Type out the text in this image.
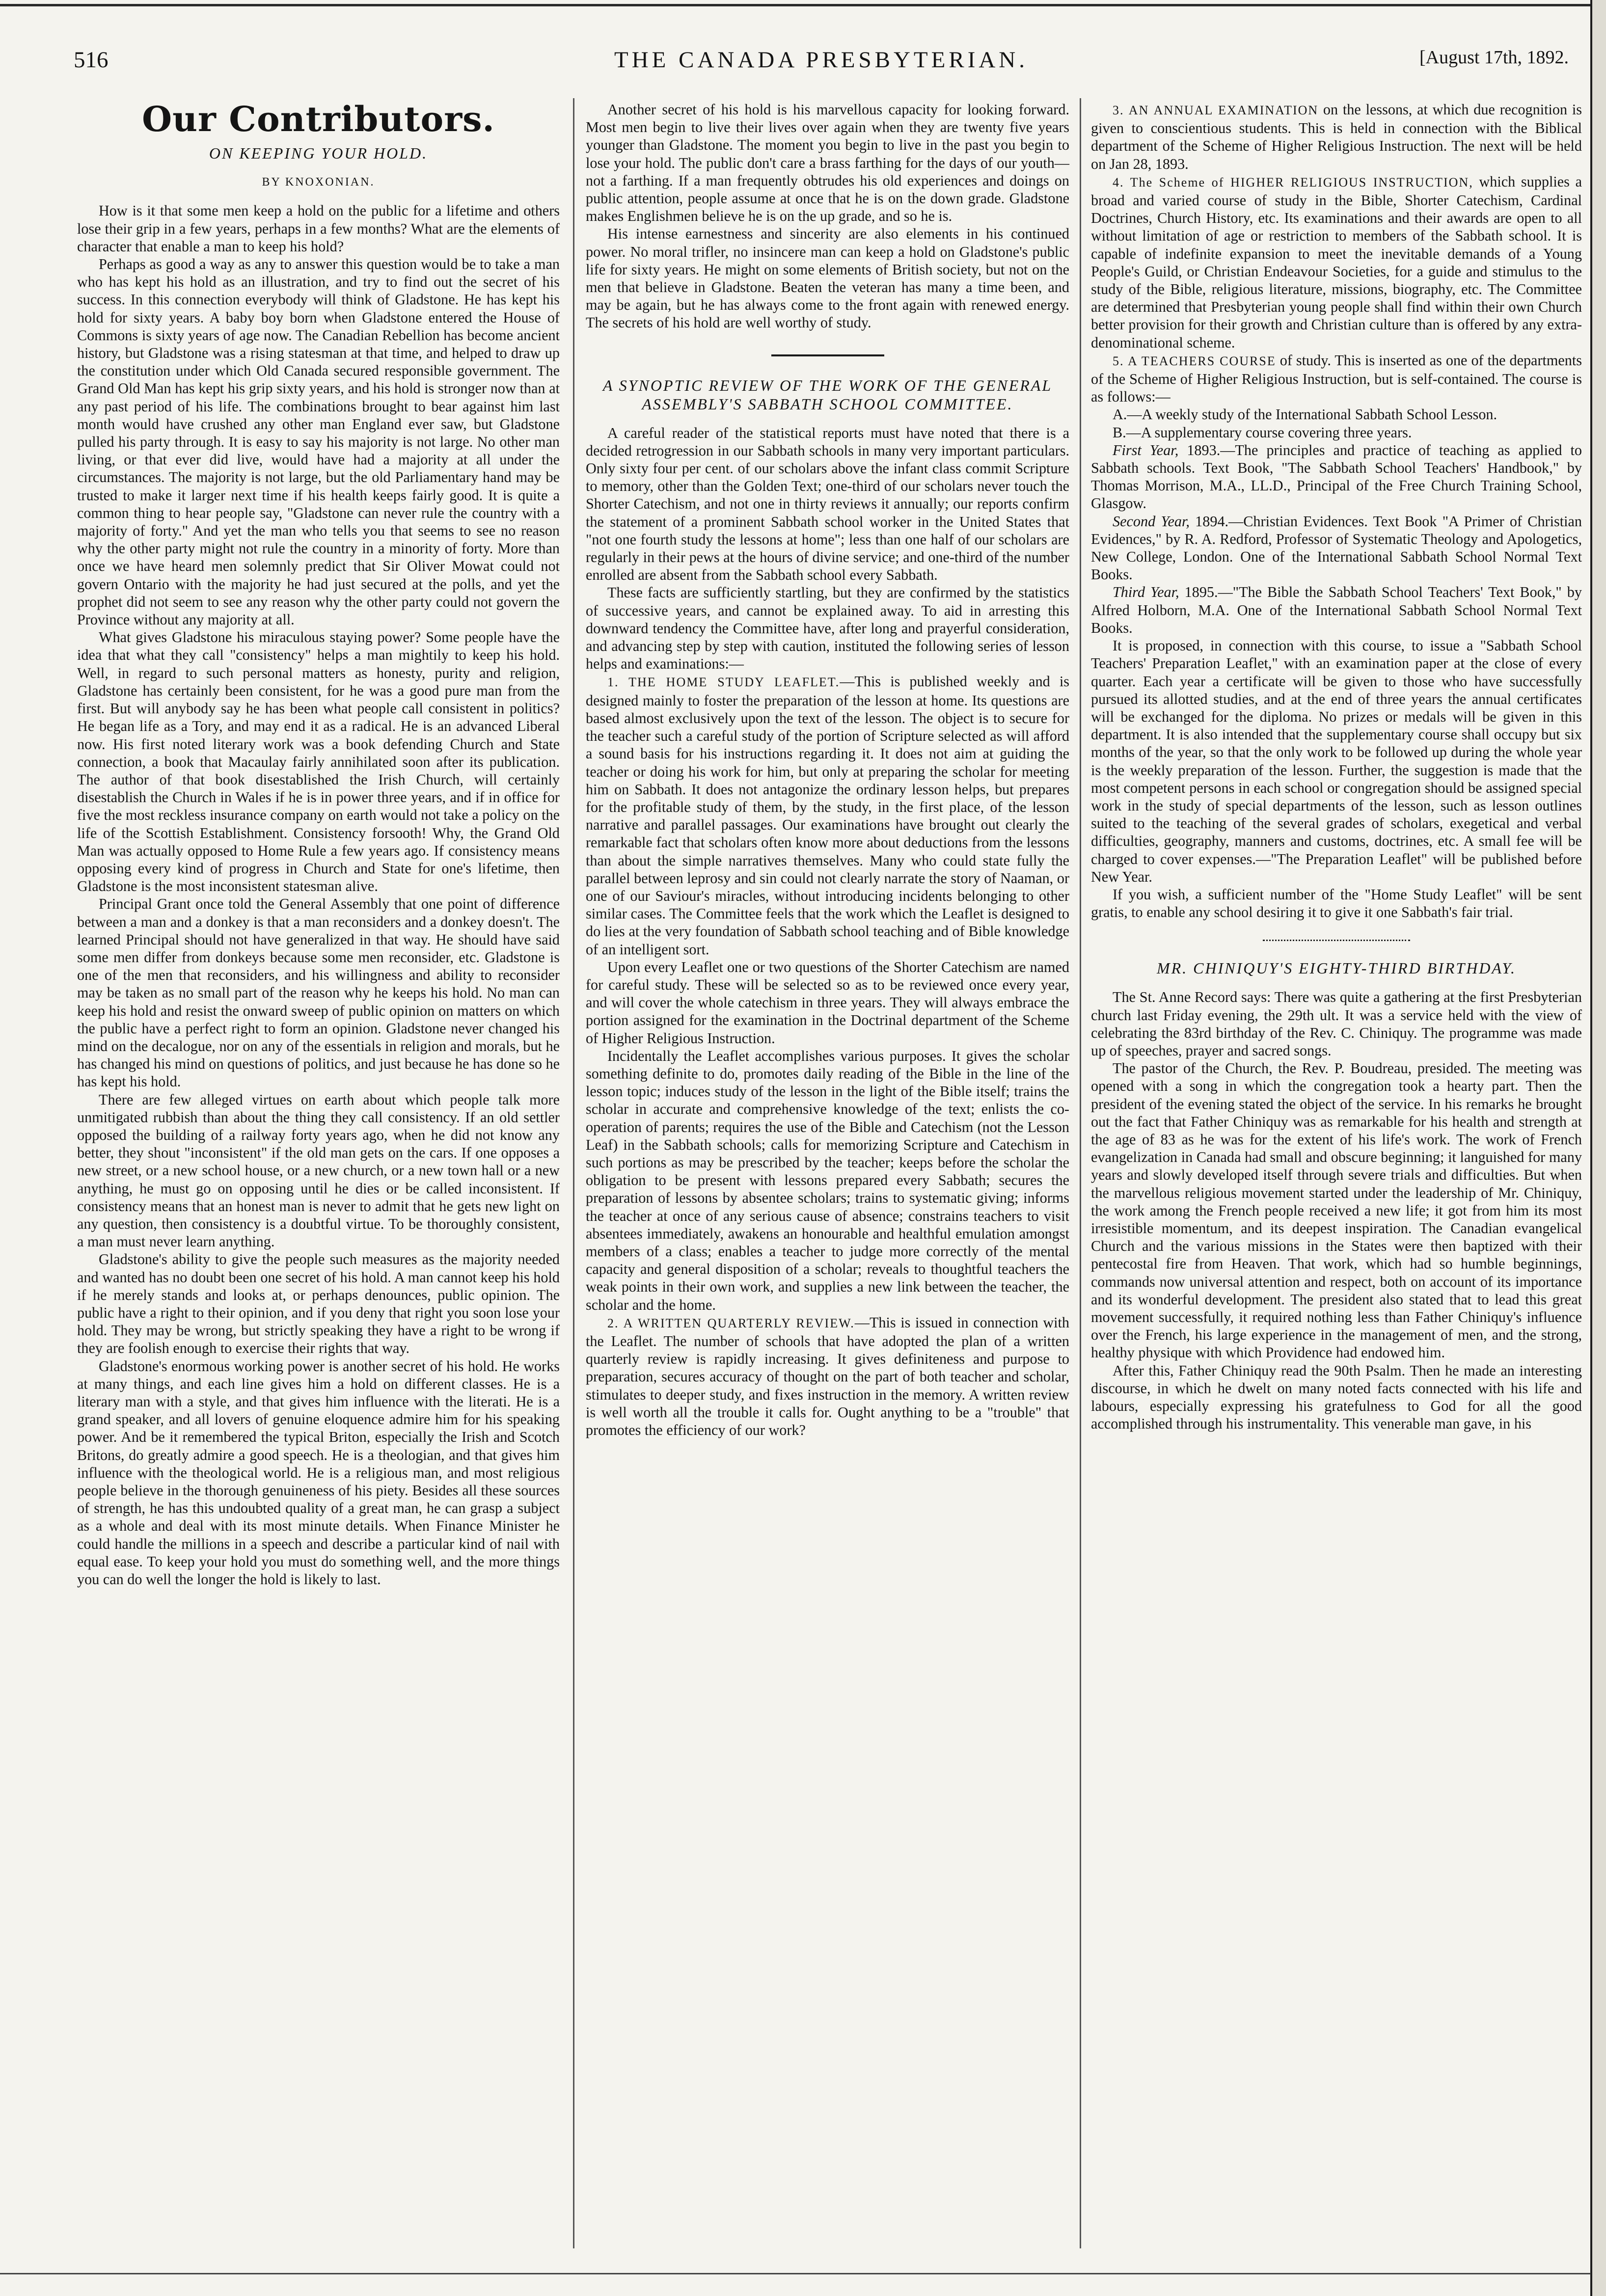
516	THE CANADA PRESBYTERIAN.	[August 17th, 1892.
Our Contributors.
ON KEEPING YOUR HOLD.
BY KNOXONIAN.

How is it that some men keep a hold on the public for a lifetime and others lose their grip in a few years, perhaps in a few months? What are the elements of character that enable a man to keep his hold?

Perhaps as good a way as any to answer this question would be to take a man who has kept his hold as an illustration, and try to find out the secret of his success. In this connection everybody will think of Gladstone. He has kept his hold for sixty years. A baby boy born when Gladstone entered the House of Commons is sixty years of age now. The Canadian Rebellion has become ancient history, but Gladstone was a rising statesman at that time, and helped to draw up the constitution under which Old Canada secured responsible government. The Grand Old Man has kept his grip sixty years, and his hold is stronger now than at any past period of his life. The combinations brought to bear against him last month would have crushed any other man England ever saw, but Gladstone pulled his party through. It is easy to say his majority is not large. No other man living, or that ever did live, would have had a majority at all under the circumstances. The majority is not large, but the old Parliamentary hand may be trusted to make it larger next time if his health keeps fairly good. It is quite a common thing to hear people say, "Gladstone can never rule the country with a majority of forty." And yet the man who tells you that seems to see no reason why the other party might not rule the country in a minority of forty. More than once we have heard men solemnly predict that Sir Oliver Mowat could not govern Ontario with the majority he had just secured at the polls, and yet the prophet did not seem to see any reason why the other party could not govern the Province without any majority at all.

What gives Gladstone his miraculous staying power? Some people have the idea that what they call "consistency" helps a man mightily to keep his hold. Well, in regard to such personal matters as honesty, purity and religion, Gladstone has certainly been consistent, for he was a good pure man from the first. But will anybody say he has been what people call consistent in politics? He began life as a Tory, and may end it as a radical. He is an advanced Liberal now. His first noted literary work was a book defending Church and State connection, a book that Macaulay fairly annihilated soon after its publication. The author of that book disestablished the Irish Church, will certainly disestablish the Church in Wales if he is in power three years, and if in office for five the most reckless insurance company on earth would not take a policy on the life of the Scottish Establishment. Consistency forsooth! Why, the Grand Old Man was actually opposed to Home Rule a few years ago. If consistency means opposing every kind of progress in Church and State for one's lifetime, then Gladstone is the most inconsistent statesman alive.

Principal Grant once told the General Assembly that one point of difference between a man and a donkey is that a man reconsiders and a donkey doesn't. The learned Principal should not have generalized in that way. He should have said some men differ from donkeys because some men reconsider, etc. Gladstone is one of the men that reconsiders, and his willingness and ability to reconsider may be taken as no small part of the reason why he keeps his hold. No man can keep his hold and resist the onward sweep of public opinion on matters on which the public have a perfect right to form an opinion. Gladstone never changed his mind on the decalogue, nor on any of the essentials in religion and morals, but he has changed his mind on questions of politics, and just because he has done so he has kept his hold.

There are few alleged virtues on earth about which people talk more unmitigated rubbish than about the thing they call consistency. If an old settler opposed the building of a railway forty years ago, when he did not know any better, they shout "inconsistent" if the old man gets on the cars. If one opposes a new street, or a new school house, or a new church, or a new town hall or a new anything, he must go on opposing until he dies or be called inconsistent. If consistency means that an honest man is never to admit that he gets new light on any question, then consistency is a doubtful virtue. To be thoroughly consistent, a man must never learn anything.

Gladstone's ability to give the people such measures as the majority needed and wanted has no doubt been one secret of his hold. A man cannot keep his hold if he merely stands and looks at, or perhaps denounces, public opinion. The public have a right to their opinion, and if you deny that right you soon lose your hold. They may be wrong, but strictly speaking they have a right to be wrong if they are foolish enough to exercise their rights that way.

Gladstone's enormous working power is another secret of his hold. He works at many things, and each line gives him a hold on different classes. He is a literary man with a style, and that gives him influence with the literati. He is a grand speaker, and all lovers of genuine eloquence admire him for his speaking power. And be it remembered the typical Briton, especially the Irish and Scotch Britons, do greatly admire a good speech. He is a theologian, and that gives him influence with the theological world. He is a religious man, and most religious people believe in the thorough genuineness of his piety. Besides all these sources of strength, he has this undoubted quality of a great man, he can grasp a subject as a whole and deal with its most minute details. When Finance Minister he could handle the millions in a speech and describe a particular kind of nail with equal ease. To keep your hold you must do something well, and the more things you can do well the longer the hold is likely to last.

Another secret of his hold is his marvellous capacity for looking forward. Most men begin to live their lives over again when they are twenty five years younger than Gladstone. The moment you begin to live in the past you begin to lose your hold. The public don't care a brass farthing for the days of our youth—not a farthing. If a man frequently obtrudes his old experiences and doings on public attention, people assume at once that he is on the down grade. Gladstone makes Englishmen believe he is on the up grade, and so he is.

His intense earnestness and sincerity are also elements in his continued power. No moral trifler, no insincere man can keep a hold on Gladstone's public life for sixty years. He might on some elements of British society, but not on the men that believe in Gladstone. Beaten the veteran has many a time been, and may be again, but he has always come to the front again with renewed energy. The secrets of his hold are well worthy of study.

A SYNOPTIC REVIEW OF THE WORK OF THE GENERAL ASSEMBLY'S SABBATH SCHOOL COMMITTEE.

A careful reader of the statistical reports must have noted that there is a decided retrogression in our Sabbath schools in many very important particulars. Only sixty four per cent. of our scholars above the infant class commit Scripture to memory, other than the Golden Text; one-third of our scholars never touch the Shorter Catechism, and not one in thirty reviews it annually; our reports confirm the statement of a prominent Sabbath school worker in the United States that "not one fourth study the lessons at home"; less than one half of our scholars are regularly in their pews at the hours of divine service; and one-third of the number enrolled are absent from the Sabbath school every Sabbath.

These facts are sufficiently startling, but they are confirmed by the statistics of successive years, and cannot be explained away. To aid in arresting this downward tendency the Committee have, after long and prayerful consideration, and advancing step by step with caution, instituted the following series of lesson helps and examinations:—

1. THE HOME STUDY LEAFLET.—This is published weekly and is designed mainly to foster the preparation of the lesson at home. Its questions are based almost exclusively upon the text of the lesson. The object is to secure for the teacher such a careful study of the portion of Scripture selected as will afford a sound basis for his instructions regarding it. It does not aim at guiding the teacher or doing his work for him, but only at preparing the scholar for meeting him on Sabbath. It does not antagonize the ordinary lesson helps, but prepares for the profitable study of them, by the study, in the first place, of the lesson narrative and parallel passages. Our examinations have brought out clearly the remarkable fact that scholars often know more about deductions from the lessons than about the simple narratives themselves. Many who could state fully the parallel between leprosy and sin could not clearly narrate the story of Naaman, or one of our Saviour's miracles, without introducing incidents belonging to other similar cases. The Committee feels that the work which the Leaflet is designed to do lies at the very foundation of Sabbath school teaching and of Bible knowledge of an intelligent sort.

Upon every Leaflet one or two questions of the Shorter Catechism are named for careful study. These will be selected so as to be reviewed once every year, and will cover the whole catechism in three years. They will always embrace the portion assigned for the examination in the Doctrinal department of the Scheme of Higher Religious Instruction.

Incidentally the Leaflet accomplishes various purposes. It gives the scholar something definite to do, promotes daily reading of the Bible in the line of the lesson topic; induces study of the lesson in the light of the Bible itself; trains the scholar in accurate and comprehensive knowledge of the text; enlists the co-operation of parents; requires the use of the Bible and Catechism (not the Lesson Leaf) in the Sabbath schools; calls for memorizing Scripture and Catechism in such portions as may be prescribed by the teacher; keeps before the scholar the obligation to be present with lessons prepared every Sabbath; secures the preparation of lessons by absentee scholars; trains to systematic giving; informs the teacher at once of any serious cause of absence; constrains teachers to visit absentees immediately, awakens an honourable and healthful emulation amongst members of a class; enables a teacher to judge more correctly of the mental capacity and general disposition of a scholar; reveals to thoughtful teachers the weak points in their own work, and supplies a new link between the teacher, the scholar and the home.

2. A WRITTEN QUARTERLY REVIEW.—This is issued in connection with the Leaflet. The number of schools that have adopted the plan of a written quarterly review is rapidly increasing. It gives definiteness and purpose to preparation, secures accuracy of thought on the part of both teacher and scholar, stimulates to deeper study, and fixes instruction in the memory. A written review is well worth all the trouble it calls for. Ought anything to be a "trouble" that promotes the efficiency of our work?

3. AN ANNUAL EXAMINATION on the lessons, at which due recognition is given to conscientious students. This is held in connection with the Biblical department of the Scheme of Higher Religious Instruction. The next will be held on Jan 28, 1893.

4. The Scheme of HIGHER RELIGIOUS INSTRUCTION, which supplies a broad and varied course of study in the Bible, Shorter Catechism, Cardinal Doctrines, Church History, etc. Its examinations and their awards are open to all without limitation of age or restriction to members of the Sabbath school. It is capable of indefinite expansion to meet the inevitable demands of a Young People's Guild, or Christian Endeavour Societies, for a guide and stimulus to the study of the Bible, religious literature, missions, biography, etc. The Committee are determined that Presbyterian young people shall find within their own Church better provision for their growth and Christian culture than is offered by any extra-denominational scheme.

5. A TEACHERS COURSE of study. This is inserted as one of the departments of the Scheme of Higher Religious Instruction, but is self-contained. The course is as follows:—

A.—A weekly study of the International Sabbath School Lesson.

B.—A supplementary course covering three years.

First Year, 1893.—The principles and practice of teaching as applied to Sabbath schools. Text Book, "The Sabbath School Teachers' Handbook," by Thomas Morrison, M.A., LL.D., Principal of the Free Church Training School, Glasgow.

Second Year, 1894.—Christian Evidences. Text Book "A Primer of Christian Evidences," by R. A. Redford, Professor of Systematic Theology and Apologetics, New College, London. One of the International Sabbath School Normal Text Books.

Third Year, 1895.—"The Bible the Sabbath School Teachers' Text Book," by Alfred Holborn, M.A. One of the International Sabbath School Normal Text Books.

It is proposed, in connection with this course, to issue a "Sabbath School Teachers' Preparation Leaflet," with an examination paper at the close of every quarter. Each year a certificate will be given to those who have successfully pursued its allotted studies, and at the end of three years the annual certificates will be exchanged for the diploma. No prizes or medals will be given in this department. It is also intended that the supplementary course shall occupy but six months of the year, so that the only work to be followed up during the whole year is the weekly preparation of the lesson. Further, the suggestion is made that the most competent persons in each school or congregation should be assigned special work in the study of special departments of the lesson, such as lesson outlines suited to the teaching of the several grades of scholars, exegetical and verbal difficulties, geography, manners and customs, doctrines, etc. A small fee will be charged to cover expenses.—"The Preparation Leaflet" will be published before New Year.

If you wish, a sufficient number of the "Home Study Leaflet" will be sent gratis, to enable any school desiring it to give it one Sabbath's fair trial.

MR. CHINIQUY'S EIGHTY-THIRD BIRTHDAY.

The St. Anne Record says: There was quite a gathering at the first Presbyterian church last Friday evening, the 29th ult. It was a service held with the view of celebrating the 83rd birthday of the Rev. C. Chiniquy. The programme was made up of speeches, prayer and sacred songs.

The pastor of the Church, the Rev. P. Boudreau, presided. The meeting was opened with a song in which the congregation took a hearty part. Then the president of the evening stated the object of the service. In his remarks he brought out the fact that Father Chiniquy was as remarkable for his health and strength at the age of 83 as he was for the extent of his life's work. The work of French evangelization in Canada had small and obscure beginning; it languished for many years and slowly developed itself through severe trials and difficulties. But when the marvellous religious movement started under the leadership of Mr. Chiniquy, the work among the French people received a new life; it got from him its most irresistible momentum, and its deepest inspiration. The Canadian evangelical Church and the various missions in the States were then baptized with their pentecostal fire from Heaven. That work, which had so humble beginnings, commands now universal attention and respect, both on account of its importance and its wonderful development. The president also stated that to lead this great movement successfully, it required nothing less than Father Chiniquy's influence over the French, his large experience in the management of men, and the strong, healthy physique with which Providence had endowed him.

After this, Father Chiniquy read the 90th Psalm. Then he made an interesting discourse, in which he dwelt on many noted facts connected with his life and labours, especially expressing his gratefulness to God for all the good accomplished through his instrumentality. This venerable man gave, in his
